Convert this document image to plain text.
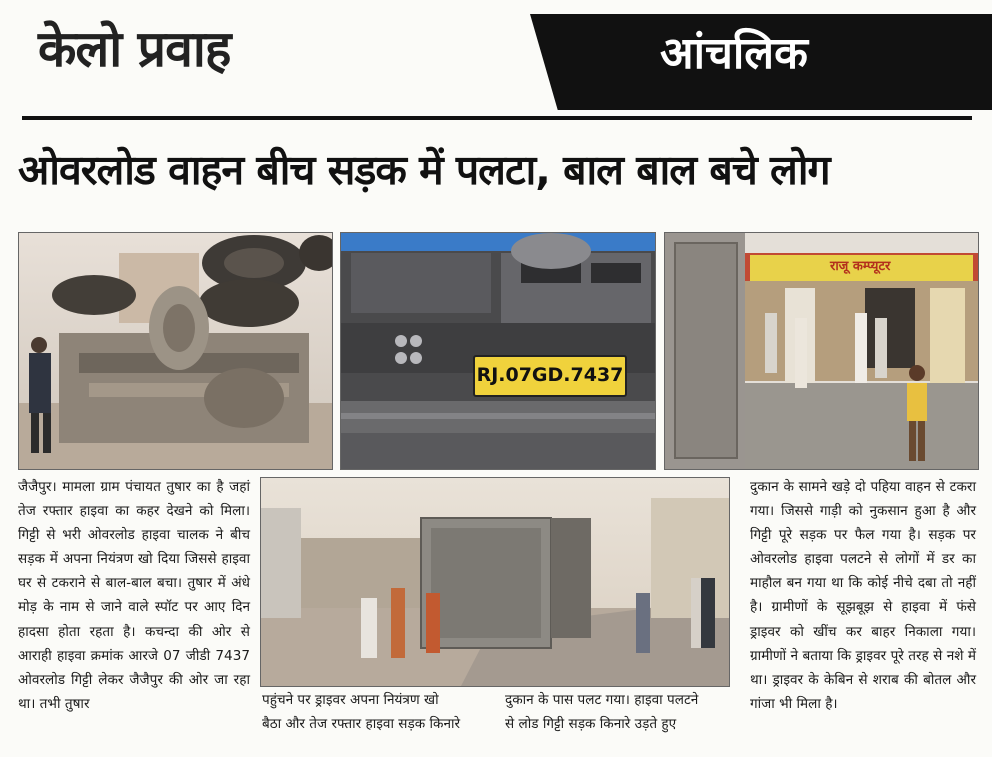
केलो प्रवाह	आंचलिक
ओवरलोड वाहन बीच सड़क में पलटा, बाल बाल बचे लोग
RJ.07GD.7437
राजू कम्प्यूटर
जैजैपुर। मामला ग्राम पंचायत तुषार का है जहां तेज रफ्तार हाइवा का कहर देखने को मिला। गिट्टी से भरी ओवरलोड हाइवा चालक ने बीच सड़क में अपना नियंत्रण खो दिया जिससे हाइवा घर से टकराने से बाल-बाल बचा। तुषार में अंधे मोड़ के नाम से जाने वाले स्पॉट पर आए दिन हादसा होता रहता है। कचन्दा की ओर से आराही हाइवा क्रमांक आरजे 07 जीडी 7437 ओवरलोड गिट्टी लेकर जैजैपुर की ओर जा रहा था। तभी तुषार	पहुंचने पर ड्राइवर अपना नियंत्रण खो
बैठा और तेज रफ्तार हाइवा सड़क किनारे
दुकान के पास पलट गया। हाइवा पलटने
से लोड गिट्टी सड़क किनारे उड़ते हुए
दुकान के सामने खड़े दो पहिया वाहन से टकरा गया। जिससे गाड़ी को नुकसान हुआ है और गिट्टी पूरे सड़क पर फैल गया है। सड़क पर ओवरलोड हाइवा पलटने से लोगों में डर का माहौल बन गया था कि कोई नीचे दबा तो नहीं है। ग्रामीणों के सूझबूझ से हाइवा में फंसे ड्राइवर को खींच कर बाहर निकाला गया। ग्रामीणों ने बताया कि ड्राइवर पूरे तरह से नशे में था। ड्राइवर के केबिन से शराब की बोतल और गांजा भी मिला है।
